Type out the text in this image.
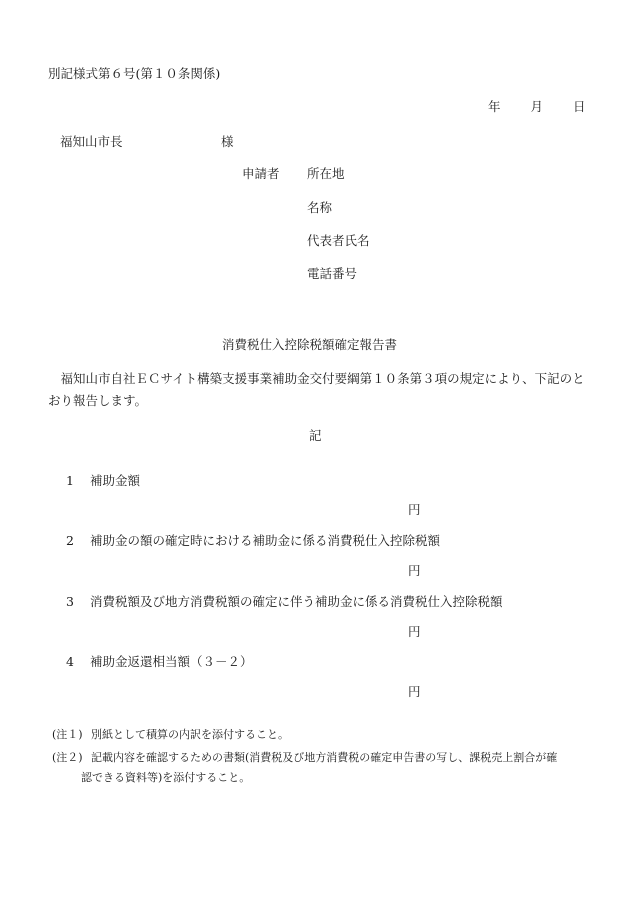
別記様式第６号(第１０条関係)
年 月 日
福知山市長	様
申請者 所在地
名称
代表者氏名
電話番号
消費税仕入控除税額確定報告書
　福知山市自社ＥＣサイト構築支援事業補助金交付要綱第１０条第３項の規定により、下記のとおり報告します。
記
1 補助金額
円
2 補助金の額の確定時における補助金に係る消費税仕入控除税額
円
3 消費税額及び地方消費税額の確定に伴う補助金に係る消費税仕入控除税額
円
4 補助金返還相当額（３－２）
円
(注１) 別紙として積算の内訳を添付すること。
(注２) 記載内容を確認するための書類(消費税及び地方消費税の確定申告書の写し、課税売上割合が確
認できる資料等)を添付すること。
